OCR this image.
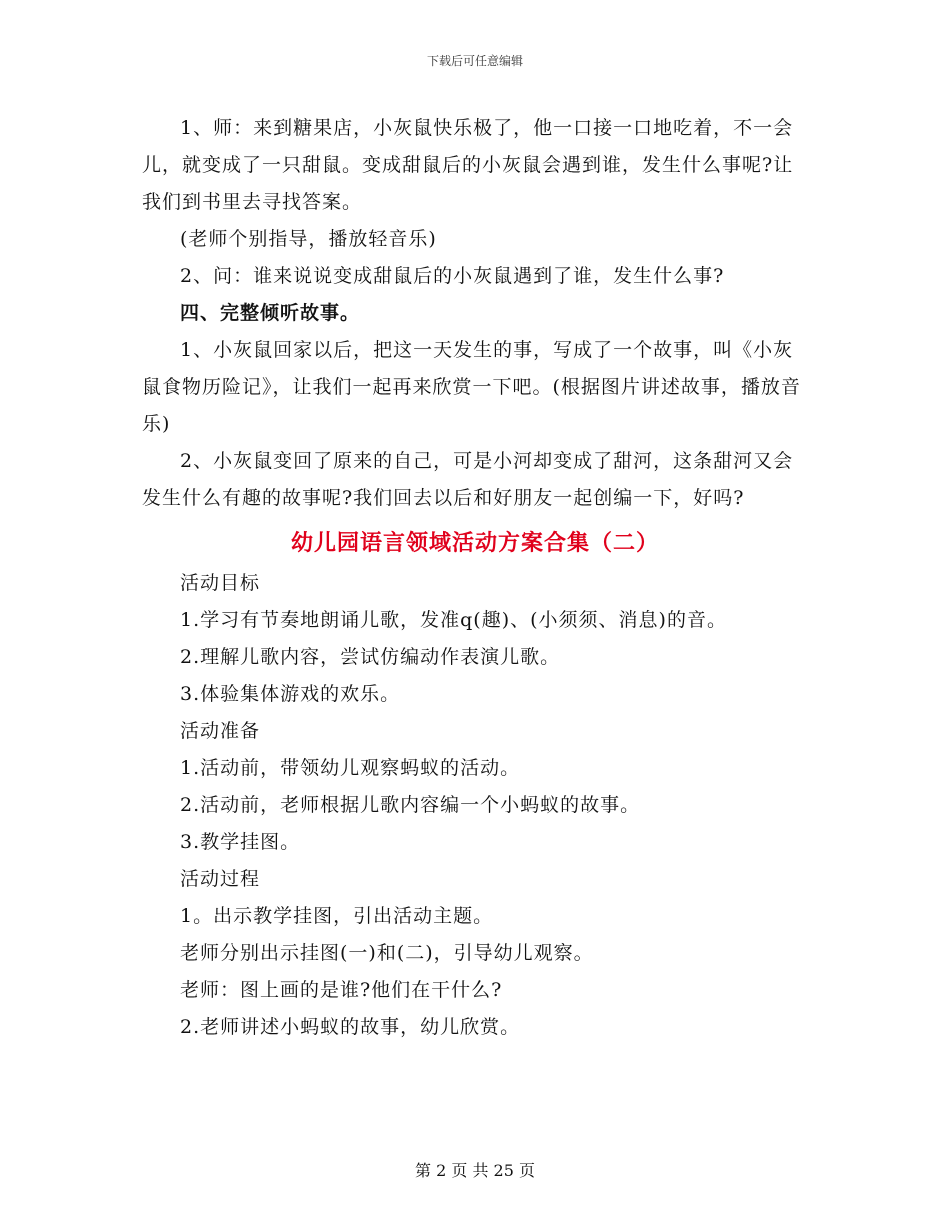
下载后可任意编辑

1、师：来到糖果店，小灰鼠快乐极了，他一口接一口地吃着，不一会儿，就变成了一只甜鼠。变成甜鼠后的小灰鼠会遇到谁，发生什么事呢?让我们到书里去寻找答案。

(老师个别指导，播放轻音乐)

2、问：谁来说说变成甜鼠后的小灰鼠遇到了谁，发生什么事?

四、完整倾听故事。

1、小灰鼠回家以后，把这一天发生的事，写成了一个故事，叫《小灰鼠食物历险记》，让我们一起再来欣赏一下吧。(根据图片讲述故事，播放音乐)

2、小灰鼠变回了原来的自己，可是小河却变成了甜河，这条甜河又会发生什么有趣的故事呢?我们回去以后和好朋友一起创编一下，好吗?

幼儿园语言领域活动方案合集（二）

活动目标

1.学习有节奏地朗诵儿歌，发准q(趣)、(小须须、消息)的音。

2.理解儿歌内容，尝试仿编动作表演儿歌。

3.体验集体游戏的欢乐。

活动准备

1.活动前，带领幼儿观察蚂蚁的活动。

2.活动前，老师根据儿歌内容编一个小蚂蚁的故事。

3.教学挂图。

活动过程

1。出示教学挂图，引出活动主题。

老师分别出示挂图(一)和(二)，引导幼儿观察。

老师：图上画的是谁?他们在干什么?

2.老师讲述小蚂蚁的故事，幼儿欣赏。

第 2 页 共 25 页
